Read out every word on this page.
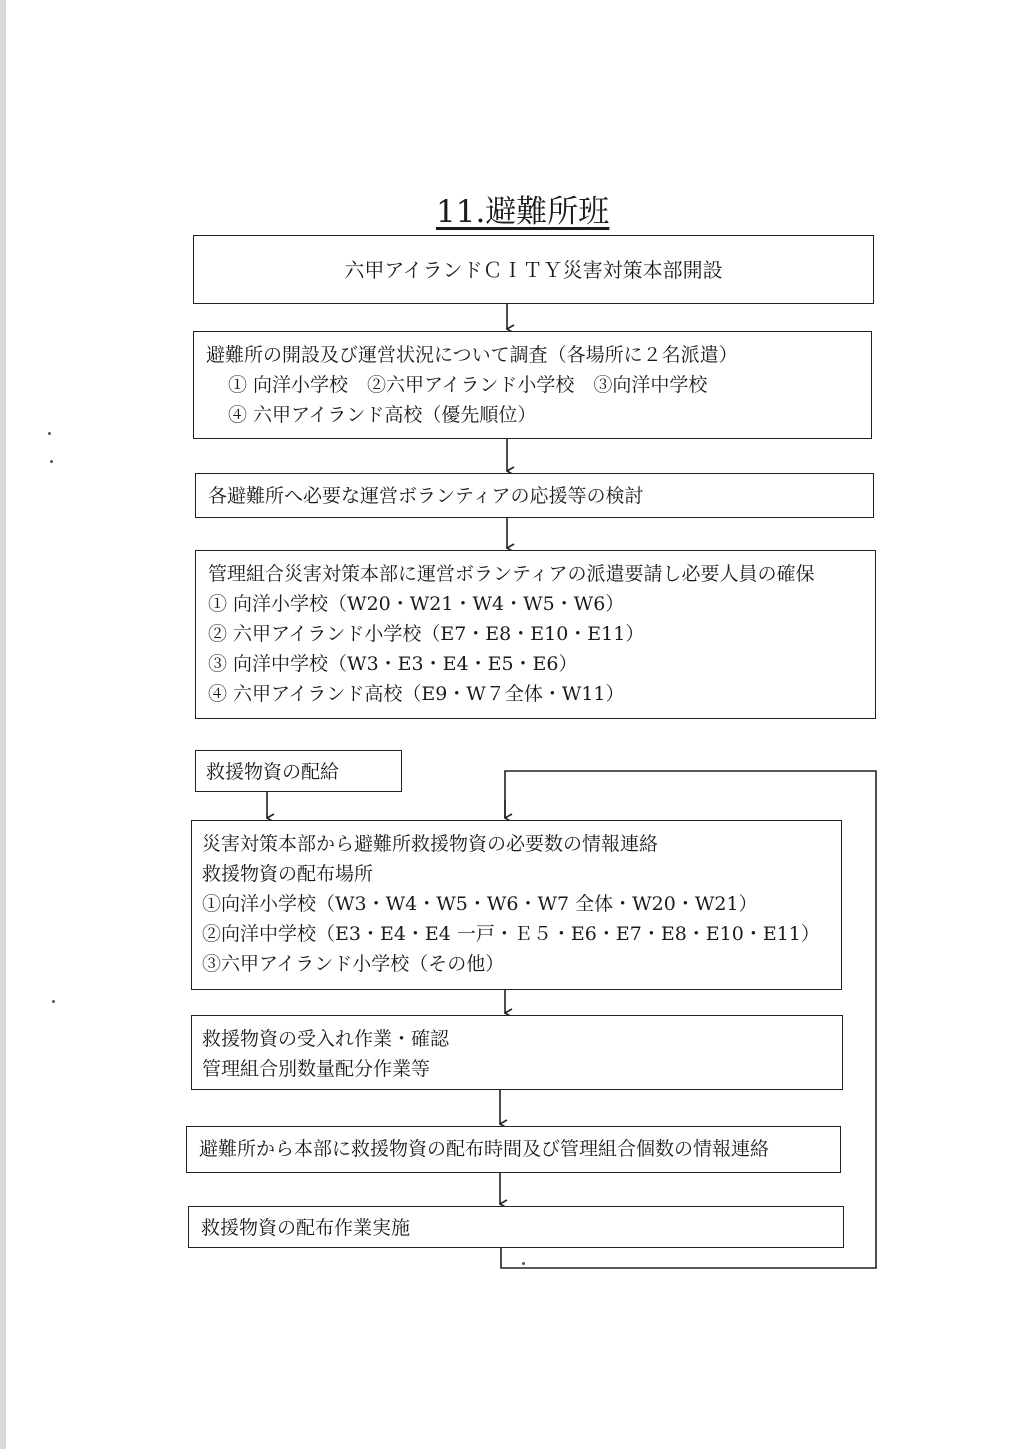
11.避難所班
六甲アイランドＣＩＴＹ災害対策本部開設
避難所の開設及び運営状況について調査（各場所に２名派遣）
① 向洋小学校　②六甲アイランド小学校　③向洋中学校
④ 六甲アイランド高校（優先順位）
各避難所へ必要な運営ボランティアの応援等の検討
管理組合災害対策本部に運営ボランティアの派遣要請し必要人員の確保
① 向洋小学校（W20・W21・W4・W5・W6）
② 六甲アイランド小学校（E7・E8・E10・E11）
③ 向洋中学校（W3・E3・E4・E5・E6）
④ 六甲アイランド高校（E9・W７全体・W11）
救援物資の配給
災害対策本部から避難所救援物資の必要数の情報連絡
救援物資の配布場所
①向洋小学校（W3・W4・W5・W6・W7 全体・W20・W21）
②向洋中学校（E3・E4・E4 一戸・Ｅ５・E6・E7・E8・E10・E11）
③六甲アイランド小学校（その他）
救援物資の受入れ作業・確認
管理組合別数量配分作業等
避難所から本部に救援物資の配布時間及び管理組合個数の情報連絡
救援物資の配布作業実施
